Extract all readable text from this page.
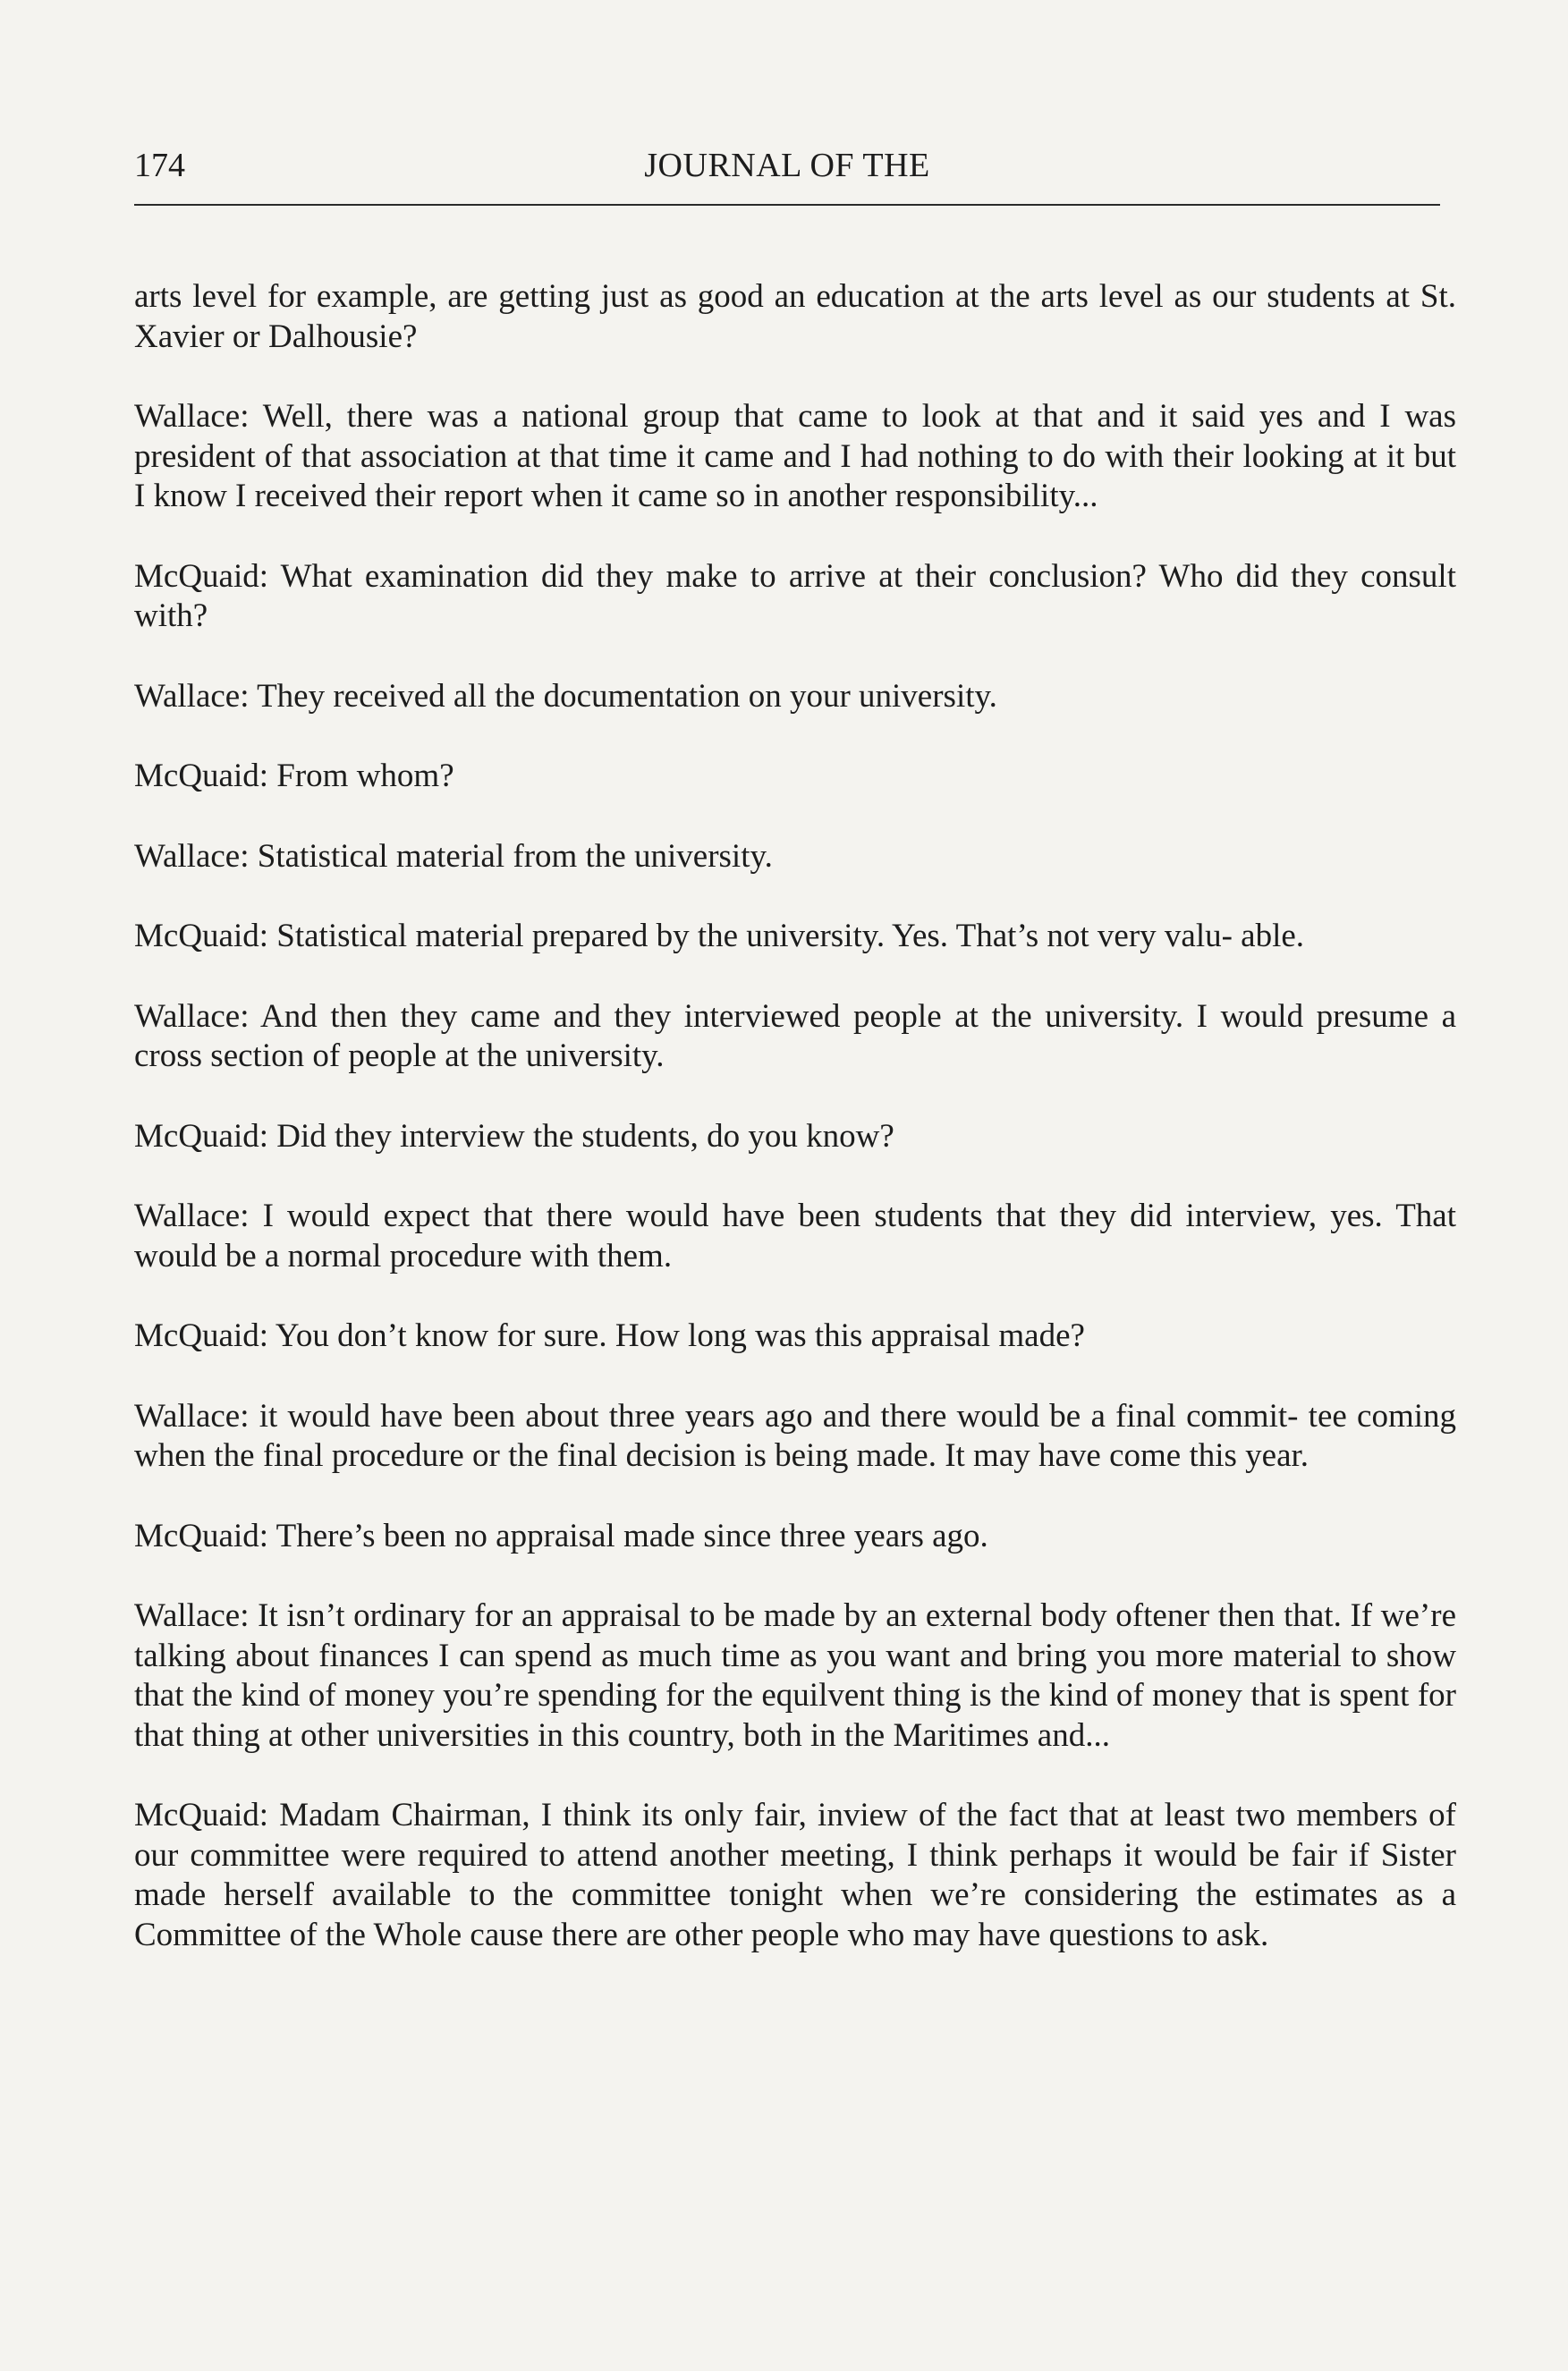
174	JOURNAL OF THE

arts level for example, are getting just as good an education at the arts level as our students at St. Xavier or Dalhousie?

Wallace: Well, there was a national group that came to look at that and it said yes and I was president of that association at that time it came and I had nothing to do with their looking at it but I know I received their report when it came so in another responsibility...

McQuaid: What examination did they make to arrive at their conclusion? Who did they consult with?

Wallace: They received all the documentation on your university.

McQuaid: From whom?

Wallace: Statistical material from the university.

McQuaid: Statistical material prepared by the university. Yes. That’s not very valu- able.

Wallace: And then they came and they interviewed people at the university. I would presume a cross section of people at the university.

McQuaid: Did they interview the students, do you know?

Wallace: I would expect that there would have been students that they did interview, yes. That would be a normal procedure with them.

McQuaid: You don’t know for sure. How long was this appraisal made?

Wallace: it would have been about three years ago and there would be a final commit- tee coming when the final procedure or the final decision is being made. It may have come this year.

McQuaid: There’s been no appraisal made since three years ago.

Wallace: It isn’t ordinary for an appraisal to be made by an external body oftener then that. If we’re talking about finances I can spend as much time as you want and bring you more material to show that the kind of money you’re spending for the equilvent thing is the kind of money that is spent for that thing at other universities in this country, both in the Maritimes and...

McQuaid: Madam Chairman, I think its only fair, inview of the fact that at least two members of our committee were required to attend another meeting, I think perhaps it would be fair if Sister made herself available to the committee tonight when we’re considering the estimates as a Committee of the Whole cause there are other people who may have questions to ask.
